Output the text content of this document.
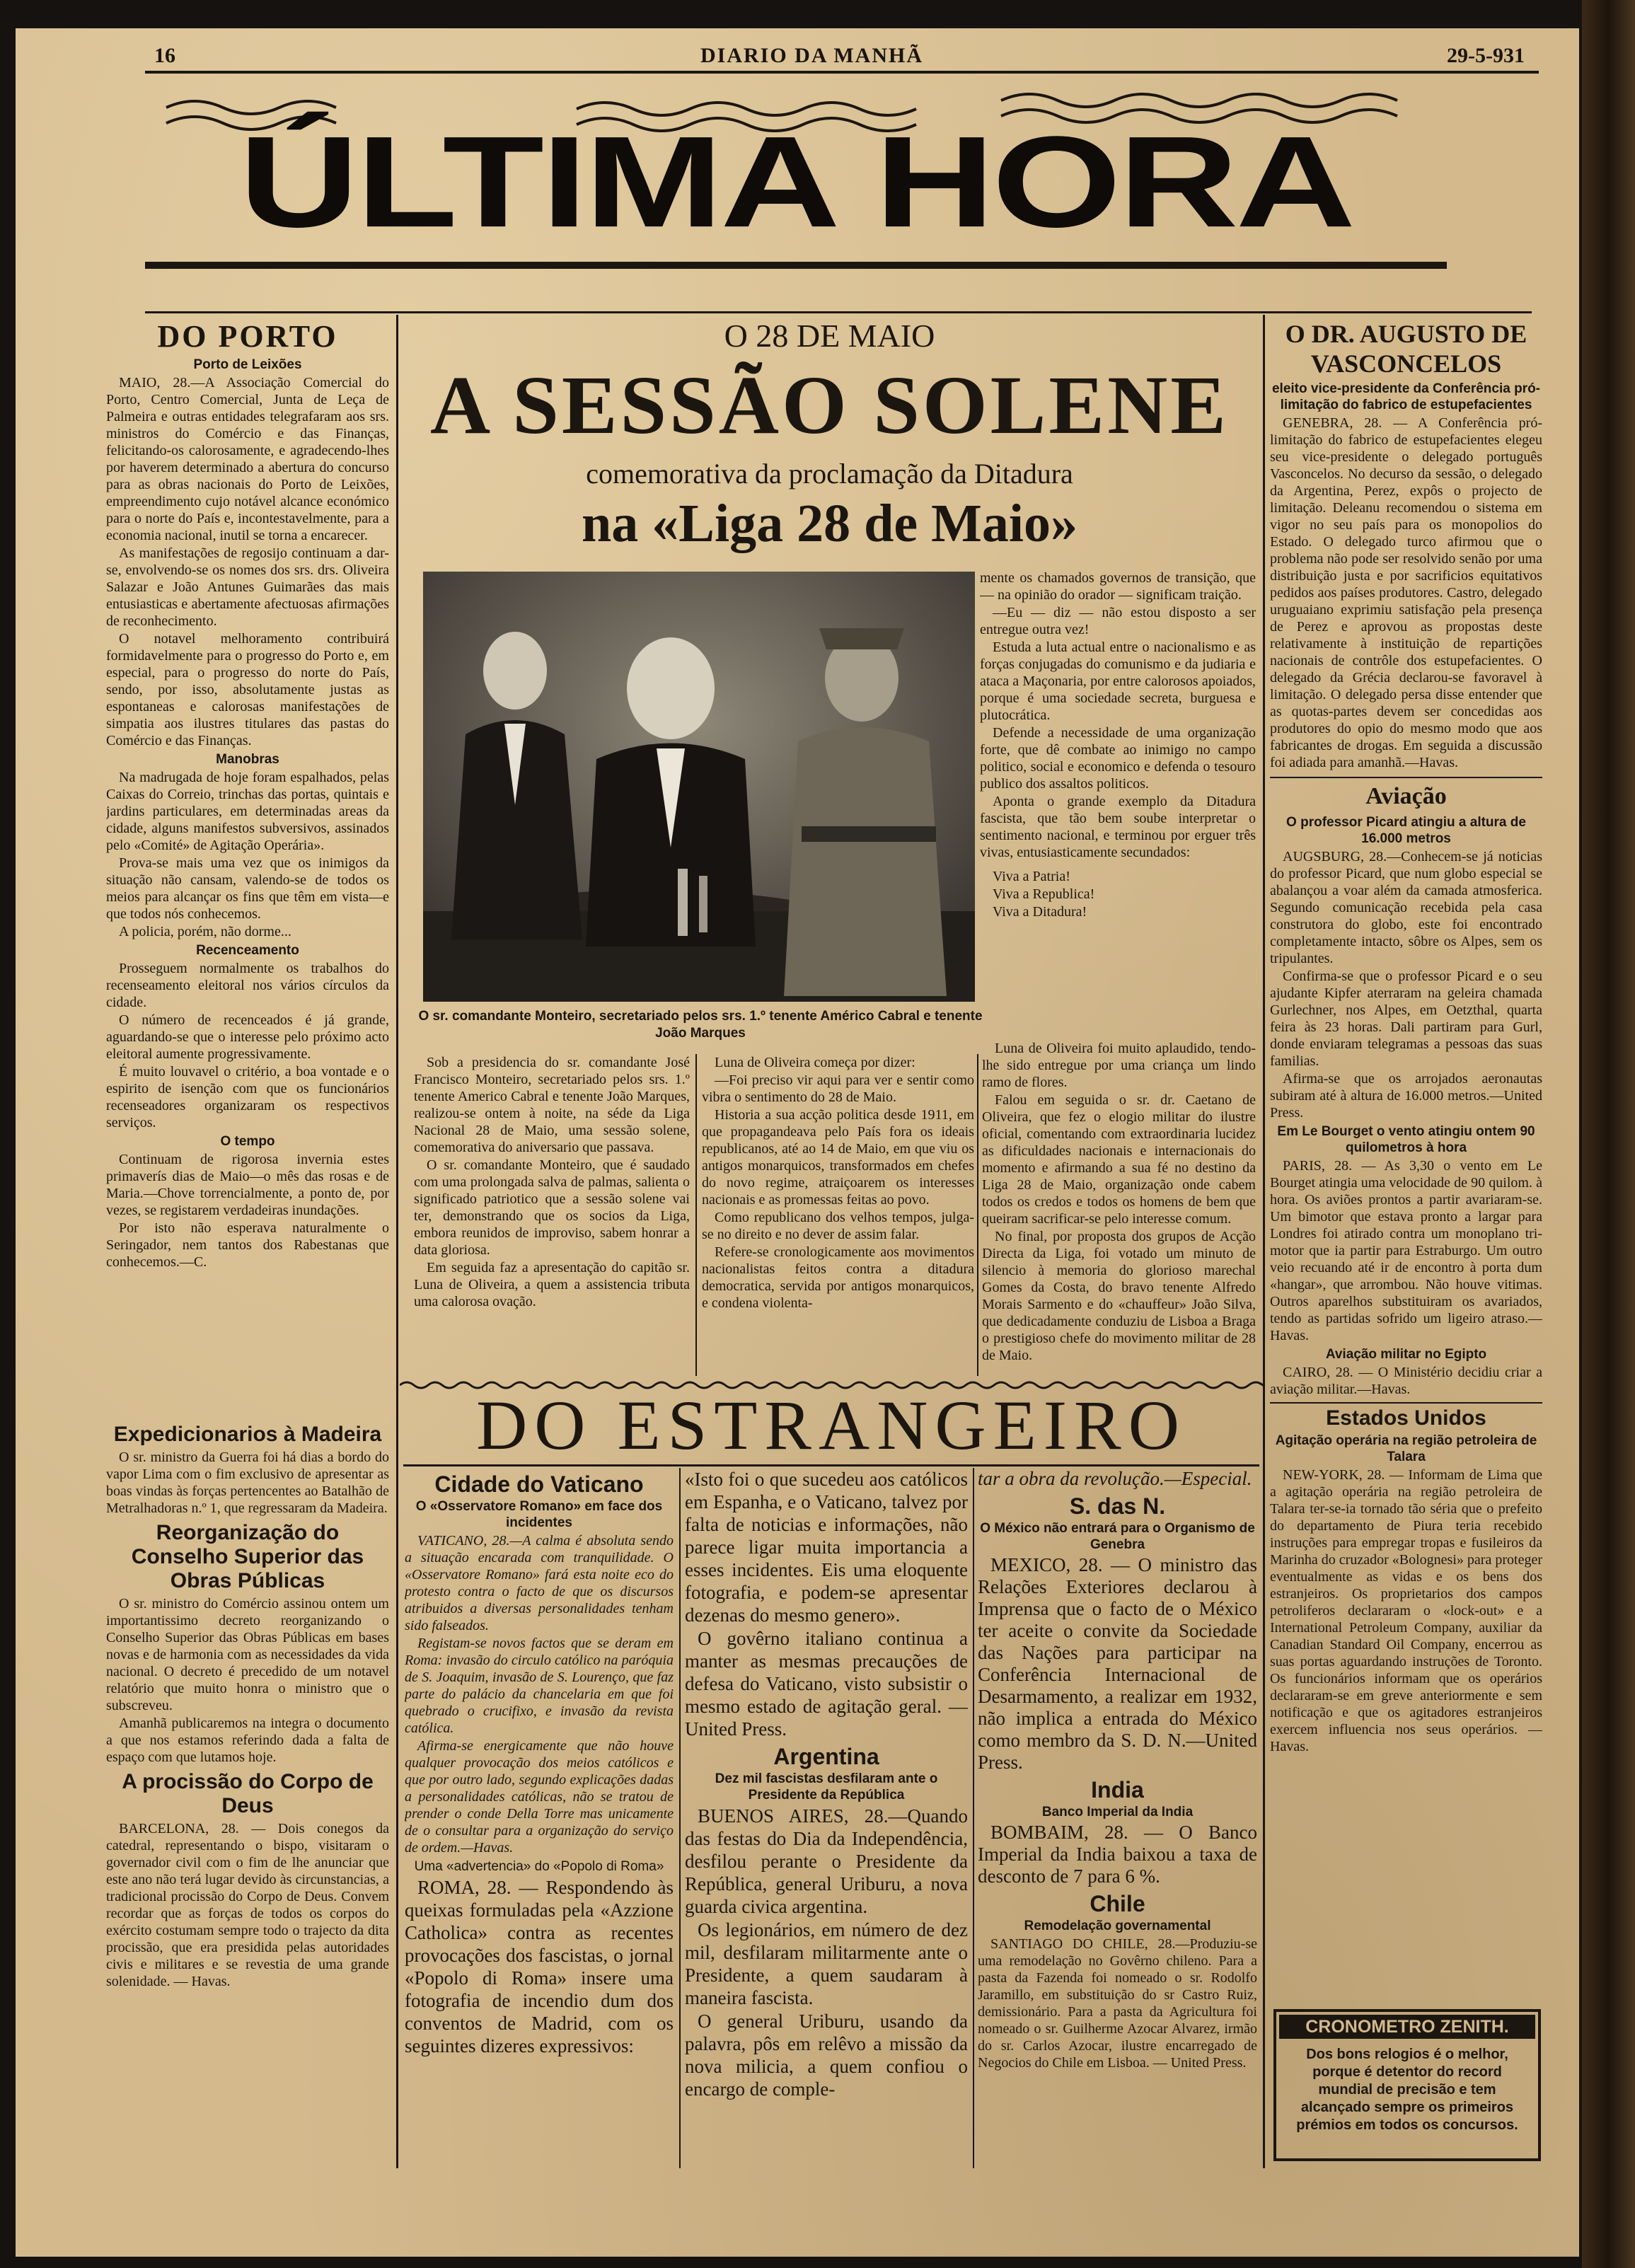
16	DIARIO DA MANHÃ	29-5-931
ÚLTIMA HORA
DO PORTO
Porto de Leixões

MAIO, 28.—A Associação Comercial do Porto, Centro Comercial, Junta de Leça de Palmeira e outras entidades telegrafaram aos srs. ministros do Comércio e das Finanças, felicitando-os calorosamente, e agradecendo-lhes por haverem determinado a abertura do concurso para as obras nacionais do Porto de Leixões, empreendimento cujo notável alcance económico para o norte do País e, incontestavelmente, para a economia nacional, inutil se torna a encarecer.

As manifestações de regosijo continuam a dar-se, envolvendo-se os nomes dos srs. drs. Oliveira Salazar e João Antunes Guimarães das mais entusiasticas e abertamente afectuosas afirmações de reconhecimento.

O notavel melhoramento contribuirá formidavelmente para o progresso do Porto e, em especial, para o progresso do norte do País, sendo, por isso, absolutamente justas as espontaneas e calorosas manifestações de simpatia aos ilustres titulares das pastas do Comércio e das Finanças.

Manobras

Na madrugada de hoje foram espalhados, pelas Caixas do Correio, trinchas das portas, quintais e jardins particulares, em determinadas areas da cidade, alguns manifestos subversivos, assinados pelo «Comité» de Agitação Operária».

Prova-se mais uma vez que os inimigos da situação não cansam, valendo-se de todos os meios para alcançar os fins que têm em vista—e que todos nós conhecemos.

A policia, porém, não dorme...

Recenceamento

Prosseguem normalmente os trabalhos do recenseamento eleitoral nos vários círculos da cidade.

O número de recenceados é já grande, aguardando-se que o interesse pelo próximo acto eleitoral aumente progressivamente.

É muito louvavel o critério, a boa vontade e o espirito de isenção com que os funcionários recenseadores organizaram os respectivos serviços.

O tempo

Continuam de rigorosa invernia estes primaverís dias de Maio—o mês das rosas e de Maria.—Chove torrencialmente, a ponto de, por vezes, se registarem verdadeiras inundações.

Por isto não esperava naturalmente o Seringador, nem tantos dos Rabestanas que conhecemos.—C.

Expedicionarios à Madeira

O sr. ministro da Guerra foi há dias a bordo do vapor Lima com o fim exclusivo de apresentar as boas vindas às forças pertencentes ao Batalhão de Metralhadoras n.º 1, que regressaram da Madeira.

Reorganização do Conselho Superior das Obras Públicas

O sr. ministro do Comércio assinou ontem um importantissimo decreto reorganizando o Conselho Superior das Obras Públicas em bases novas e de harmonia com as necessidades da vida nacional. O decreto é precedido de um notavel relatório que muito honra o ministro que o subscreveu.

Amanhã publicaremos na integra o documento a que nos estamos referindo dada a falta de espaço com que lutamos hoje.

A procissão do Corpo de Deus

BARCELONA, 28. — Dois conegos da catedral, representando o bispo, visitaram o governador civil com o fim de lhe anunciar que este ano não terá lugar devido às circunstancias, a tradicional procissão do Corpo de Deus. Convem recordar que as forças de todos os corpos do exército costumam sempre todo o trajecto da dita procissão, que era presidida pelas autoridades civis e militares e se revestia de uma grande solenidade. — Havas.

O 28 DE MAIO
A SESSÃO SOLENE
comemorativa da proclamação da Ditadura
na «Liga 28 de Maio»
O sr. comandante Monteiro, secretariado pelos srs. 1.º tenente Américo Cabral e tenente João Marques

mente os chamados governos de transição, que — na opinião do orador — significam traição.

—Eu — diz — não estou disposto a ser entregue outra vez!

Estuda a luta actual entre o nacionalismo e as forças conjugadas do comunismo e da judiaria e ataca a Maçonaria, por entre calorosos apoiados, porque é uma sociedade secreta, burguesa e plutocrática.

Defende a necessidade de uma organização forte, que dê combate ao inimigo no campo politico, social e economico e defenda o tesouro publico dos assaltos politicos.

Aponta o grande exemplo da Ditadura fascista, que tão bem soube interpretar o sentimento nacional, e terminou por erguer três vivas, entusiasticamente secundados:

Viva a Patria!

Viva a Republica!

Viva a Ditadura!

Sob a presidencia do sr. comandante José Francisco Monteiro, secretariado pelos srs. 1.º tenente Americo Cabral e tenente João Marques, realizou-se ontem à noite, na séde da Liga Nacional 28 de Maio, uma sessão solene, comemorativa do aniversario que passava.

O sr. comandante Monteiro, que é saudado com uma prolongada salva de palmas, salienta o significado patriotico que a sessão solene vai ter, demonstrando que os socios da Liga, embora reunidos de improviso, sabem honrar a data gloriosa.

Em seguida faz a apresentação do capitão sr. Luna de Oliveira, a quem a assistencia tributa uma calorosa ovação.

Luna de Oliveira começa por dizer:

—Foi preciso vir aqui para ver e sentir como vibra o sentimento do 28 de Maio.

Historia a sua acção politica desde 1911, em que propagandeava pelo País fora os ideais republicanos, até ao 14 de Maio, em que viu os antigos monarquicos, transformados em chefes do novo regime, atraiçoarem os interesses nacionais e as promessas feitas ao povo.

Como republicano dos velhos tempos, julga-se no direito e no dever de assim falar.

Refere-se cronologicamente aos movimentos nacionalistas feitos contra a ditadura democratica, servida por antigos monarquicos, e condena violenta-

Luna de Oliveira foi muito aplaudido, tendo-lhe sido entregue por uma criança um lindo ramo de flores.

Falou em seguida o sr. dr. Caetano de Oliveira, que fez o elogio militar do ilustre oficial, comentando com extraordinaria lucidez as dificuldades nacionais e internacionais do momento e afirmando a sua fé no destino da Liga 28 de Maio, organização onde cabem todos os credos e todos os homens de bem que queiram sacrificar-se pelo interesse comum.

No final, por proposta dos grupos de Acção Directa da Liga, foi votado um minuto de silencio à memoria do glorioso marechal Gomes da Costa, do bravo tenente Alfredo Morais Sarmento e do «chauffeur» João Silva, que dedicadamente conduziu de Lisboa a Braga o prestigioso chefe do movimento militar de 28 de Maio.

DO ESTRANGEIRO
Cidade do Vaticano
O «Osservatore Romano» em face dos incidentes

VATICANO, 28.—A calma é absoluta sendo a situação encarada com tranquilidade. O «Osservatore Romano» fará esta noite eco do protesto contra o facto de que os discursos atribuidos a diversas personalidades tenham sido falseados.

Registam-se novos factos que se deram em Roma: invasão do circulo católico na paróquia de S. Joaquim, invasão de S. Lourenço, que faz parte do palácio da chancelaria em que foi quebrado o crucifixo, e invasão da revista católica.

Afirma-se energicamente que não houve qualquer provocação dos meios católicos e que por outro lado, segundo explicações dadas a personalidades católicas, não se tratou de prender o conde Della Torre mas unicamente de o consultar para a organização do serviço de ordem.—Havas.

Uma «advertencia» do «Popolo di Roma»

ROMA, 28. — Respondendo às queixas formuladas pela «Azzione Catholica» contra as recentes provocações dos fascistas, o jornal «Popolo di Roma» insere uma fotografia de incendio dum dos conventos de Madrid, com os seguintes dizeres expressivos:

«Isto foi o que sucedeu aos católicos em Espanha, e o Vaticano, talvez por falta de noticias e informações, não parece ligar muita importancia a esses incidentes. Eis uma eloquente fotografia, e podem-se apresentar dezenas do mesmo genero».

O govêrno italiano continua a manter as mesmas precauções de defesa do Vaticano, visto subsistir o mesmo estado de agitação geral. — United Press.

Argentina
Dez mil fascistas desfilaram ante o Presidente da República

BUENOS AIRES, 28.—Quando das festas do Dia da Independência, desfilou perante o Presidente da República, general Uriburu, a nova guarda civica argentina.

Os legionários, em número de dez mil, desfilaram militarmente ante o Presidente, a quem saudaram à maneira fascista.

O general Uriburu, usando da palavra, pôs em relêvo a missão da nova milicia, a quem confiou o encargo de comple-

tar a obra da revolução.—Especial.

S. das N.
O México não entrará para o Organismo de Genebra

MEXICO, 28. — O ministro das Relações Exteriores declarou à Imprensa que o facto de o México ter aceite o convite da Sociedade das Nações para participar na Conferência Internacional de Desarmamento, a realizar em 1932, não implica a entrada do México como membro da S. D. N.—United Press.

India
Banco Imperial da India

BOMBAIM, 28. — O Banco Imperial da India baixou a taxa de desconto de 7 para 6 %.

Chile
Remodelação governamental

SANTIAGO DO CHILE, 28.—Produziu-se uma remodelação no Govêrno chileno. Para a pasta da Fazenda foi nomeado o sr. Rodolfo Jaramillo, em substituição do sr Castro Ruiz, demissionário. Para a pasta da Agricultura foi nomeado o sr. Guilherme Azocar Alvarez, irmão do sr. Carlos Azocar, ilustre encarregado de Negocios do Chile em Lisboa. — United Press.

O DR. AUGUSTO DE VASCONCELOS
eleito vice-presidente da Conferência pró-limitação do fabrico de estupefacientes

GENEBRA, 28. — A Conferência pró-limitação do fabrico de estupefacientes elegeu seu vice-presidente o delegado português Vasconcelos. No decurso da sessão, o delegado da Argentina, Perez, expôs o projecto de limitação. Deleanu recomendou o sistema em vigor no seu país para os monopolios do Estado. O delegado turco afirmou que o problema não pode ser resolvido senão por uma distribuição justa e por sacrificios equitativos pedidos aos países produtores. Castro, delegado uruguaiano exprimiu satisfação pela presença de Perez e aprovou as propostas deste relativamente à instituição de repartições nacionais de contrôle dos estupefacientes. O delegado da Grécia declarou-se favoravel à limitação. O delegado persa disse entender que as quotas-partes devem ser concedidas aos produtores do opio do mesmo modo que aos fabricantes de drogas. Em seguida a discussão foi adiada para amanhã.—Havas.

Aviação
O professor Picard atingiu a altura de 16.000 metros

AUGSBURG, 28.—Conhecem-se já noticias do professor Picard, que num globo especial se abalançou a voar além da camada atmosferica. Segundo comunicação recebida pela casa construtora do globo, este foi encontrado completamente intacto, sôbre os Alpes, sem os tripulantes.

Confirma-se que o professor Picard e o seu ajudante Kipfer aterraram na geleira chamada Gurlechner, nos Alpes, em Oetzthal, quarta feira às 23 horas. Dali partiram para Gurl, donde enviaram telegramas a pessoas das suas familias.

Afirma-se que os arrojados aeronautas subiram até à altura de 16.000 metros.—United Press.

Em Le Bourget o vento atingiu ontem 90 quilometros à hora

PARIS, 28. — As 3,30 o vento em Le Bourget atingia uma velocidade de 90 quilom. à hora. Os aviões prontos a partir avariaram-se. Um bimotor que estava pronto a largar para Londres foi atirado contra um monoplano tri-motor que ia partir para Estraburgo. Um outro veio recuando até ir de encontro à porta dum «hangar», que arrombou. Não houve vitimas. Outros aparelhos substituiram os avariados, tendo as partidas sofrido um ligeiro atraso.—Havas.

Aviação militar no Egipto

CAIRO, 28. — O Ministério decidiu criar a aviação militar.—Havas.

Estados Unidos
Agitação operária na região petroleira de Talara

NEW-YORK, 28. — Informam de Lima que a agitação operária na região petroleira de Talara ter-se-ia tornado tão séria que o prefeito do departamento de Piura teria recebido instruções para empregar tropas e fusileiros da Marinha do cruzador «Bolognesi» para proteger eventualmente as vidas e os bens dos estranjeiros. Os proprietarios dos campos petroliferos declararam o «lock-out» e a International Petroleum Company, auxiliar da Canadian Standard Oil Company, encerrou as suas portas aguardando instruções de Toronto. Os funcionários informam que os operários declararam-se em greve anteriormente e sem notificação e que os agitadores estranjeiros exercem influencia nos seus operários. — Havas.

CRONOMETRO ZENITH.
Dos bons relogios é o melhor, porque é detentor do record mundial de precisão e tem alcançado sempre os primeiros prémios em todos os concursos.
